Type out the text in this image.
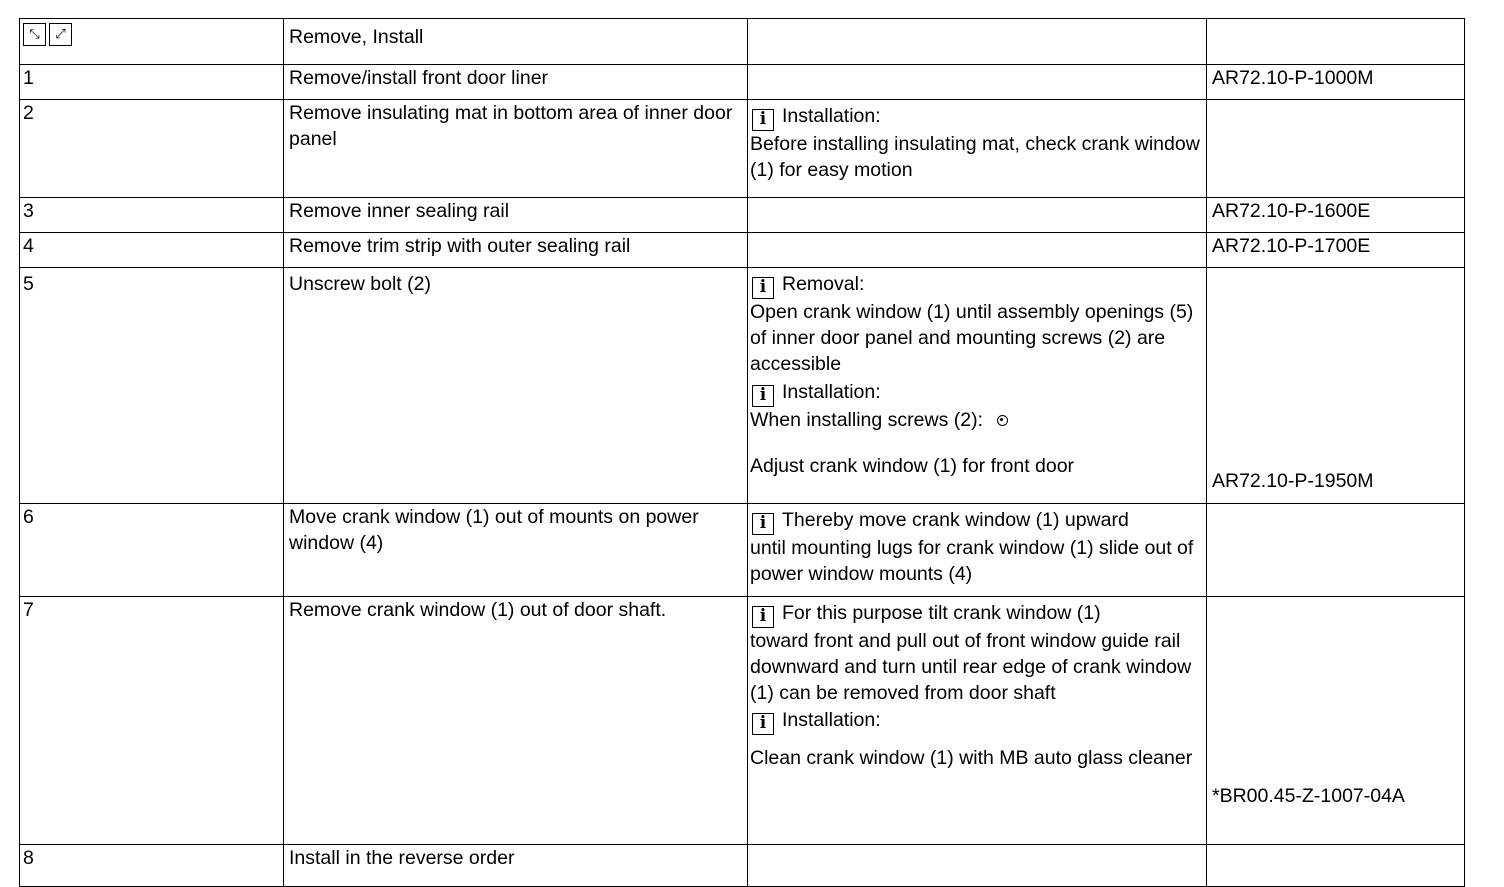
⤡ ⤢	Remove, Install		
1	Remove/install front door liner		AR72.10-P-1000M
2	Remove insulating mat in bottom area of inner door panel	i Installation:
Before installing insulating mat, check crank window (1) for easy motion	

3	Remove inner sealing rail		AR72.10-P-1600E
4	Remove trim strip with outer sealing rail		AR72.10-P-1700E
5	Unscrew bolt (2)	i Removal:
Open crank window (1) until assembly openings (5) of inner door panel and mounting screws (2) are accessible
i Installation:
When installing screws (2):
Adjust crank window (1) for front door	AR72.10-P-1950M
6	Move crank window (1) out of mounts on power window (4)	i Thereby move crank window (1) upward
until mounting lugs for crank window (1) slide out of power window mounts (4)	

7	Remove crank window (1) out of door shaft.	i For this purpose tilt crank window (1)
toward front and pull out of front window guide rail downward and turn until rear edge of crank window (1) can be removed from door shaft
i Installation:
Clean crank window (1) with MB auto glass cleaner	*BR00.45-Z-1007-04A
8	Install in the reverse order		
